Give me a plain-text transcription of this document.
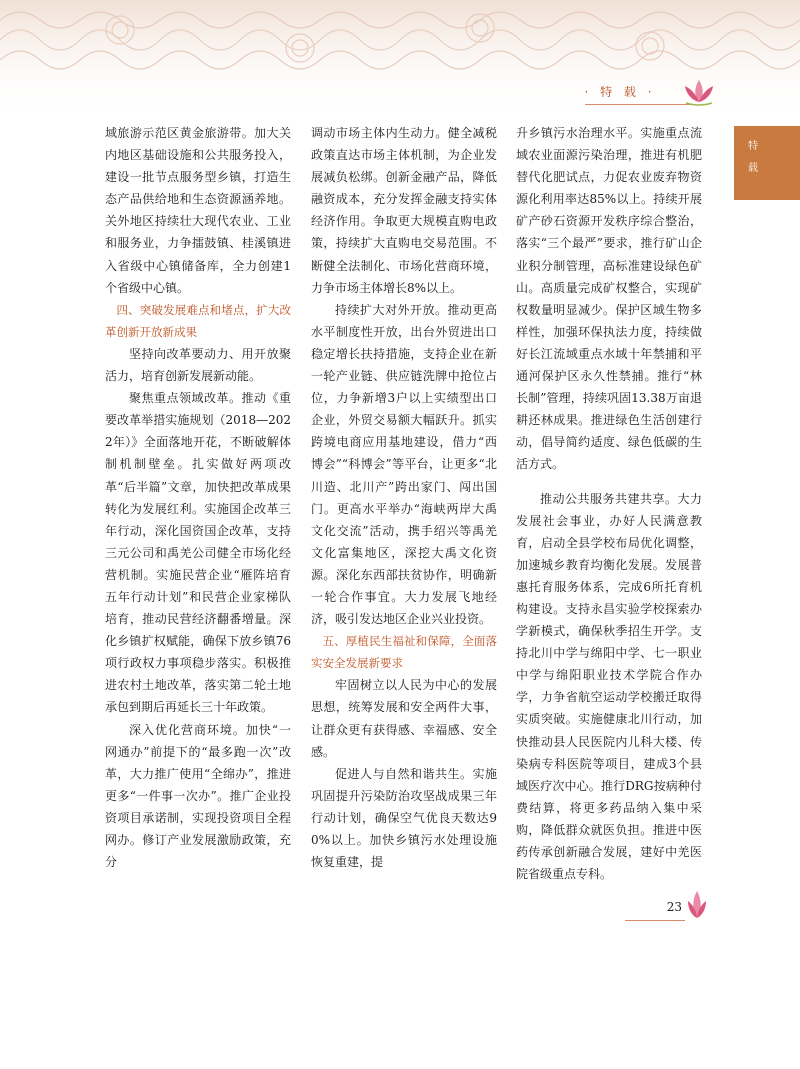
· 特 载 ·
特载

域旅游示范区黄金旅游带。加大关内地区基础设施和公共服务投入，建设一批节点服务型乡镇，打造生态产品供给地和生态资源涵养地。关外地区持续壮大现代农业、工业和服务业，力争擂鼓镇、桂溪镇进入省级中心镇储备库，全力创建1个省级中心镇。

四、突破发展难点和堵点，扩大改革创新开放新成果

坚持向改革要动力、用开放聚活力，培育创新发展新动能。

聚焦重点领域改革。推动《重要改革举措实施规划（2018—2022年）》全面落地开花，不断破解体制机制壁垒。扎实做好两项改革“后半篇”文章，加快把改革成果转化为发展红利。实施国企改革三年行动，深化国资国企改革，支持三元公司和禹羌公司健全市场化经营机制。实施民营企业“雁阵培育五年行动计划”和民营企业家梯队培育，推动民营经济翻番增量。深化乡镇扩权赋能，确保下放乡镇76项行政权力事项稳步落实。积极推进农村土地改革，落实第二轮土地承包到期后再延长三十年政策。

深入优化营商环境。加快“一网通办”前提下的“最多跑一次”改革，大力推广使用“全绵办”，推进更多“一件事一次办”。推广企业投资项目承诺制，实现投资项目全程网办。修订产业发展激励政策，充分

调动市场主体内生动力。健全减税政策直达市场主体机制，为企业发展减负松绑。创新金融产品，降低融资成本，充分发挥金融支持实体经济作用。争取更大规模直购电政策，持续扩大直购电交易范围。不断健全法制化、市场化营商环境，力争市场主体增长8%以上。

持续扩大对外开放。推动更高水平制度性开放，出台外贸进出口稳定增长扶持措施，支持企业在新一轮产业链、供应链洗牌中抢位占位，力争新增3户以上实绩型出口企业，外贸交易额大幅跃升。抓实跨境电商应用基地建设，借力“西博会”“科博会”等平台，让更多“北川造、北川产”跨出家门、闯出国门。更高水平举办“海峡两岸大禹文化交流”活动，携手绍兴等禹羌文化富集地区，深挖大禹文化资源。深化东西部扶贫协作，明确新一轮合作事宜。大力发展飞地经济，吸引发达地区企业兴业投资。

五、厚植民生福祉和保障，全面落实安全发展新要求

牢固树立以人民为中心的发展思想，统筹发展和安全两件大事，让群众更有获得感、幸福感、安全感。

促进人与自然和谐共生。实施巩固提升污染防治攻坚战成果三年行动计划，确保空气优良天数达90%以上。加快乡镇污水处理设施恢复重建，提

升乡镇污水治理水平。实施重点流域农业面源污染治理，推进有机肥替代化肥试点，力促农业废弃物资源化利用率达85%以上。持续开展矿产砂石资源开发秩序综合整治，落实“三个最严”要求，推行矿山企业积分制管理，高标准建设绿色矿山。高质量完成矿权整合，实现矿权数量明显减少。保护区域生物多样性，加强环保执法力度，持续做好长江流域重点水域十年禁捕和平通河保护区永久性禁捕。推行“林长制”管理，持续巩固13.38万亩退耕还林成果。推进绿色生活创建行动，倡导简约适度、绿色低碳的生活方式。

推动公共服务共建共享。大力发展社会事业，办好人民满意教育，启动全县学校布局优化调整，加速城乡教育均衡化发展。发展普惠托育服务体系，完成6所托育机构建设。支持永昌实验学校探索办学新模式，确保秋季招生开学。支持北川中学与绵阳中学、七一职业中学与绵阳职业技术学院合作办学，力争省航空运动学校搬迁取得实质突破。实施健康北川行动，加快推动县人民医院内儿科大楼、传染病专科医院等项目，建成3个县域医疗次中心。推行DRG按病种付费结算，将更多药品纳入集中采购，降低群众就医负担。推进中医药传承创新融合发展，建好中羌医院省级重点专科。

23
